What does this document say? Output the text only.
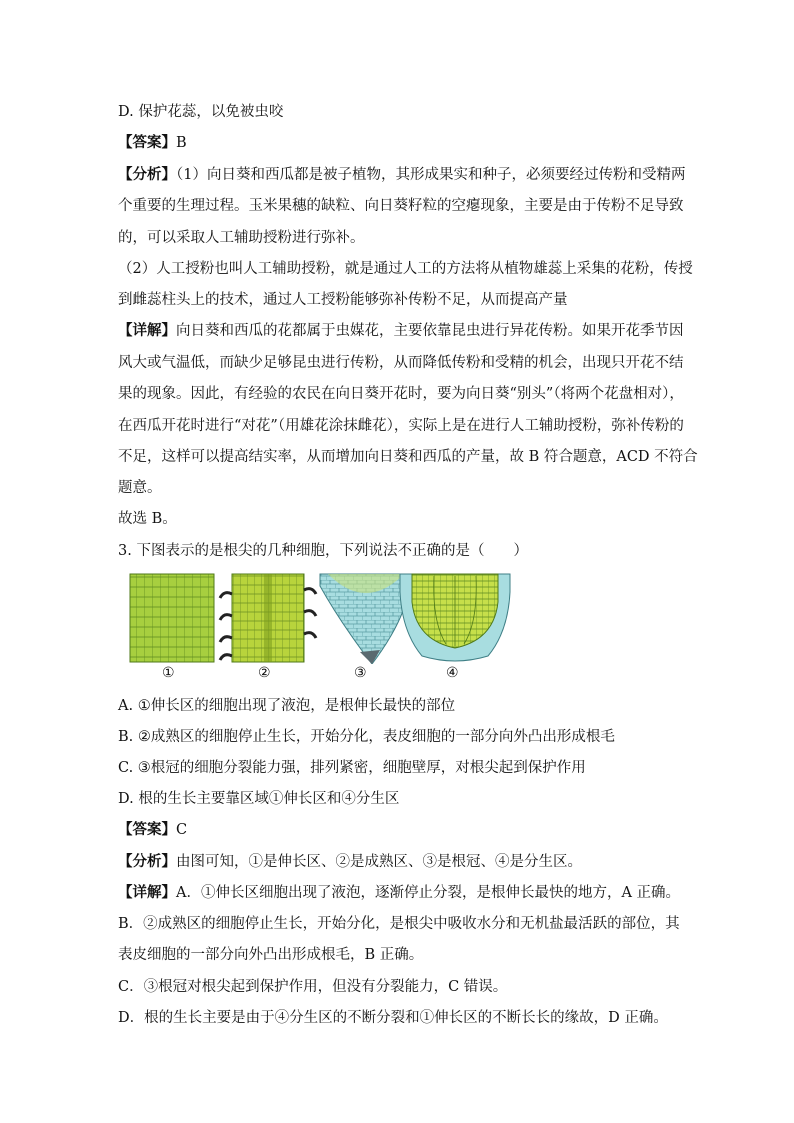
D. 保护花蕊，以免被虫咬
【答案】B
【分析】（1）向日葵和西瓜都是被子植物，其形成果实和种子，必须要经过传粉和受精两
个重要的生理过程。玉米果穗的缺粒、向日葵籽粒的空瘪现象，主要是由于传粉不足导致
的，可以采取人工辅助授粉进行弥补。
（2）人工授粉也叫人工辅助授粉，就是通过人工的方法将从植物雄蕊上采集的花粉，传授
到雌蕊柱头上的技术，通过人工授粉能够弥补传粉不足，从而提高产量
【详解】向日葵和西瓜的花都属于虫媒花，主要依靠昆虫进行异花传粉。如果开花季节因
风大或气温低，而缺少足够昆虫进行传粉，从而降低传粉和受精的机会，出现只开花不结
果的现象。因此，有经验的农民在向日葵开花时，要为向日葵“别头”（将两个花盘相对），
在西瓜开花时进行“对花”（用雄花涂抹雌花），实际上是在进行人工辅助授粉，弥补传粉的
不足，这样可以提高结实率，从而增加向日葵和西瓜的产量，故 B 符合题意，ACD 不符合
题意。
故选 B。
3. 下图表示的是根尖的几种细胞，下列说法不正确的是（　　）
①	②	③	④
A. ①伸长区的细胞出现了液泡，是根伸长最快的部位
B. ②成熟区的细胞停止生长，开始分化，表皮细胞的一部分向外凸出形成根毛
C. ③根冠的细胞分裂能力强，排列紧密，细胞壁厚，对根尖起到保护作用
D. 根的生长主要靠区域①伸长区和④分生区
【答案】C
【分析】由图可知，①是伸长区、②是成熟区、③是根冠、④是分生区。
【详解】A．①伸长区细胞出现了液泡，逐渐停止分裂，是根伸长最快的地方，A 正确。
B．②成熟区的细胞停止生长，开始分化，是根尖中吸收水分和无机盐最活跃的部位，其
表皮细胞的一部分向外凸出形成根毛，B 正确。
C．③根冠对根尖起到保护作用，但没有分裂能力，C 错误。
D．根的生长主要是由于④分生区的不断分裂和①伸长区的不断长长的缘故，D 正确。
